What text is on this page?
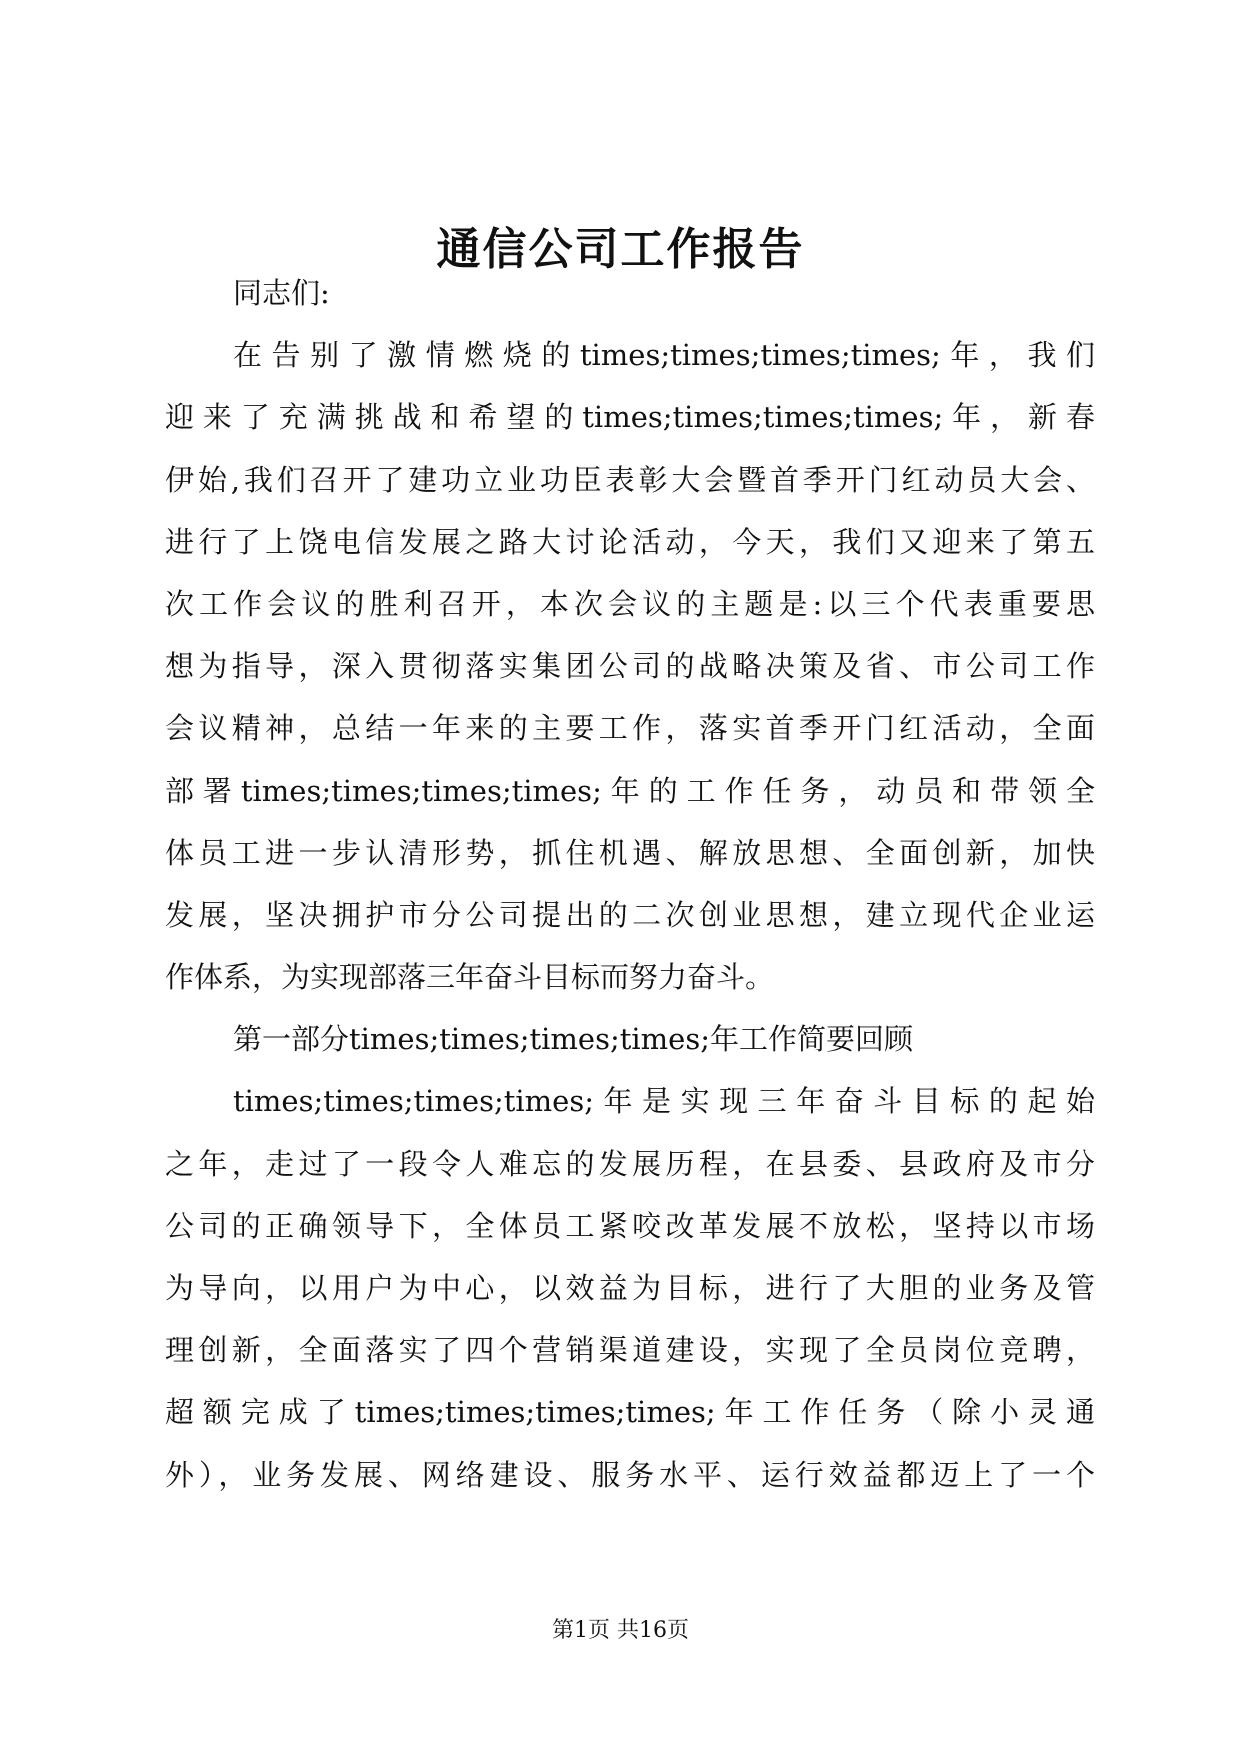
通信公司工作报告
同志们:
在告别了激情燃烧的times;times;times;times;年，我们
迎来了充满挑战和希望的times;times;times;times;年，新春
伊始,我们召开了建功立业功臣表彰大会暨首季开门红动员大会、
进行了上饶电信发展之路大讨论活动，今天，我们又迎来了第五
次工作会议的胜利召开，本次会议的主题是:以三个代表重要思
想为指导，深入贯彻落实集团公司的战略决策及省、市公司工作
会议精神，总结一年来的主要工作，落实首季开门红活动，全面
部署times;times;times;times;年的工作任务，动员和带领全
体员工进一步认清形势，抓住机遇、解放思想、全面创新，加快
发展，坚决拥护市分公司提出的二次创业思想，建立现代企业运
作体系，为实现部落三年奋斗目标而努力奋斗。
第一部分times;times;times;times;年工作简要回顾
times;times;times;times;年是实现三年奋斗目标的起始
之年，走过了一段令人难忘的发展历程，在县委、县政府及市分
公司的正确领导下，全体员工紧咬改革发展不放松，坚持以市场
为导向，以用户为中心，以效益为目标，进行了大胆的业务及管
理创新，全面落实了四个营销渠道建设，实现了全员岗位竞聘，
超额完成了times;times;times;times;年工作任务（除小灵通
外），业务发展、网络建设、服务水平、运行效益都迈上了一个
第1页 共16页
